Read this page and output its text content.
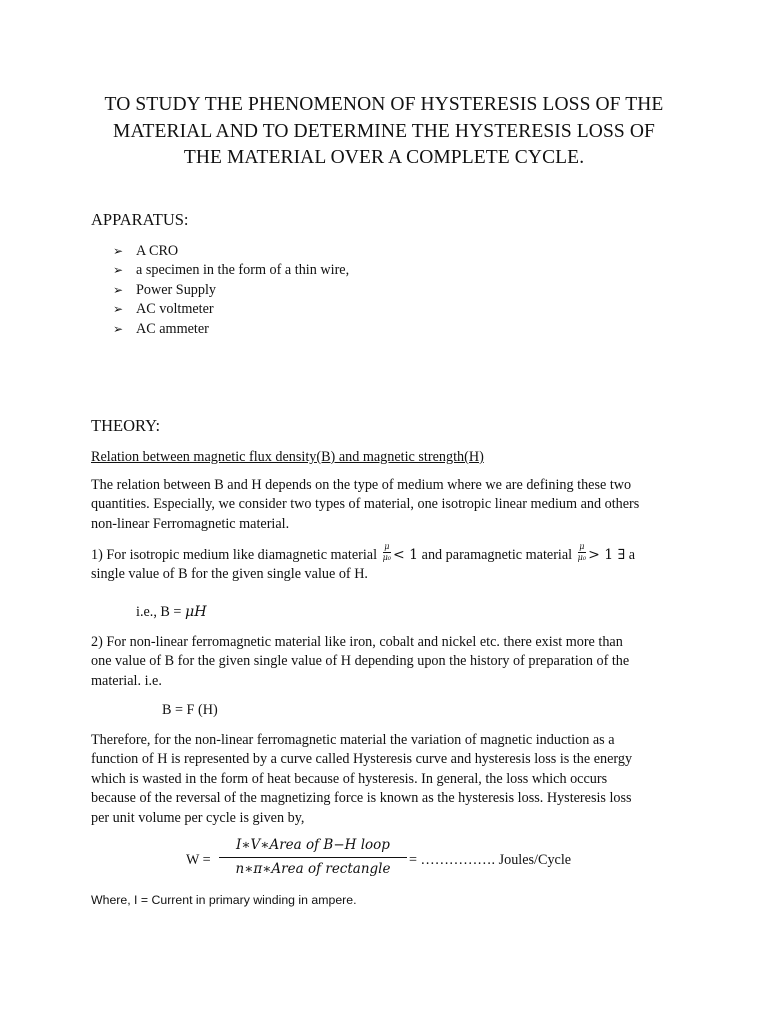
TO STUDY THE PHENOMENON OF HYSTERESIS LOSS OF THE
MATERIAL AND TO DETERMINE THE HYSTERESIS LOSS OF
THE MATERIAL OVER A COMPLETE CYCLE.
APPARATUS:
➢ A CRO
➢ a specimen in the form of a thin wire,
➢ Power Supply
➢ AC voltmeter
➢ AC ammeter
THEORY:
Relation between magnetic flux density(B) and magnetic strength(H)
The relation between B and H depends on the type of medium where we are defining these two
quantities. Especially, we consider two types of material, one isotropic linear medium and others
non-linear Ferromagnetic material.
1) For isotropic medium like diamagnetic material $\frac{\mu}{\text{μ₀}} < 1$ and paramagnetic material $\frac{\mu}{\text{μ₀}} > 1$ ∃ a
single value of B for the given single value of H.
i.e., B = μH
2) For non-linear ferromagnetic material like iron, cobalt and nickel etc. there exist more than
one value of B for the given single value of H depending upon the history of preparation of the
material. i.e.
B = F (H)
Therefore, for the non-linear ferromagnetic material the variation of magnetic induction as a
function of H is represented by a curve called Hysteresis curve and hysteresis loss is the energy
which is wasted in the form of heat because of hysteresis. In general, the loss which occurs
because of the reversal of the magnetizing force is known as the hysteresis loss. Hysteresis loss
per unit volume per cycle is given by,
W =
I∗V∗Area of B−H loop
n∗π∗Area of rectangle
= ……………. Joules/Cycle
Where, I = Current in primary winding in ampere.
